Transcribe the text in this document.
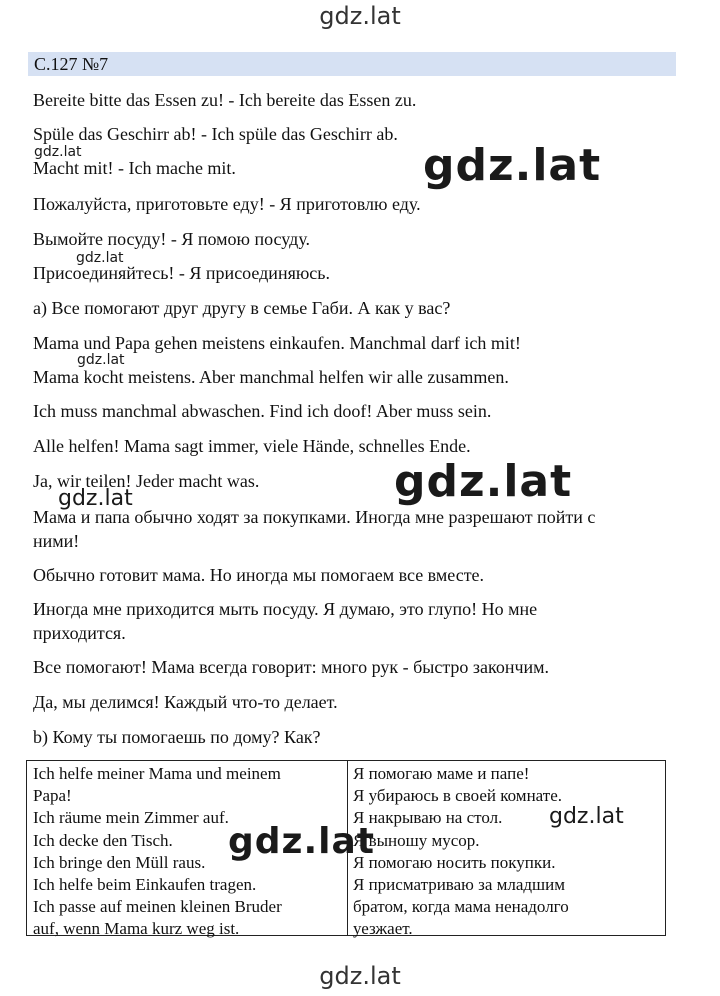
gdz.lat
С.127 №7
Bereite bitte das Essen zu! - Ich bereite das Essen zu.
Spüle das Geschirr ab! - Ich spüle das Geschirr ab.
Macht mit! - Ich mache mit.
Пожалуйста, приготовьте еду! - Я приготовлю еду.
Вымойте посуду! - Я помою посуду.
Присоединяйтесь! - Я присоединяюсь.
а) Все помогают друг другу в семье Габи. А как у вас?
Mama und Papa gehen meistens einkaufen. Manchmal darf ich mit!
Mama kocht meistens. Aber manchmal helfen wir alle zusammen.
Ich muss manchmal abwaschen. Find ich doof! Aber muss sein.
Alle helfen! Mama sagt immer, viele Hände, schnelles Ende.
Ja, wir teilen! Jeder macht was.
Мама и папа обычно ходят за покупками. Иногда мне разрешают пойти с
ними!
Обычно готовит мама. Но иногда мы помогаем все вместе.
Иногда мне приходится мыть посуду. Я думаю, это глупо! Но мне
приходится.
Все помогают! Мама всегда говорит: много рук - быстро закончим.
Да, мы делимся! Каждый что-то делает.
b) Кому ты помогаешь по дому? Как?
Ich helfe meiner Mama und meinem
Papa!
Ich räume mein Zimmer auf.
Ich decke den Tisch.
Ich bringe den Müll raus.
Ich helfe beim Einkaufen tragen.
Ich passe auf meinen kleinen Bruder
auf, wenn Mama kurz weg ist.
Я помогаю маме и папе!
Я убираюсь в своей комнате.
Я накрываю на стол.
Я выношу мусор.
Я помогаю носить покупки.
Я присматриваю за младшим
братом, когда мама ненадолго
уезжает.
gdz.lat	gdz.lat
gdz.lat
gdz.lat
gdz.lat
gdz.lat
gdz.lat
gdz.lat
gdz.lat
